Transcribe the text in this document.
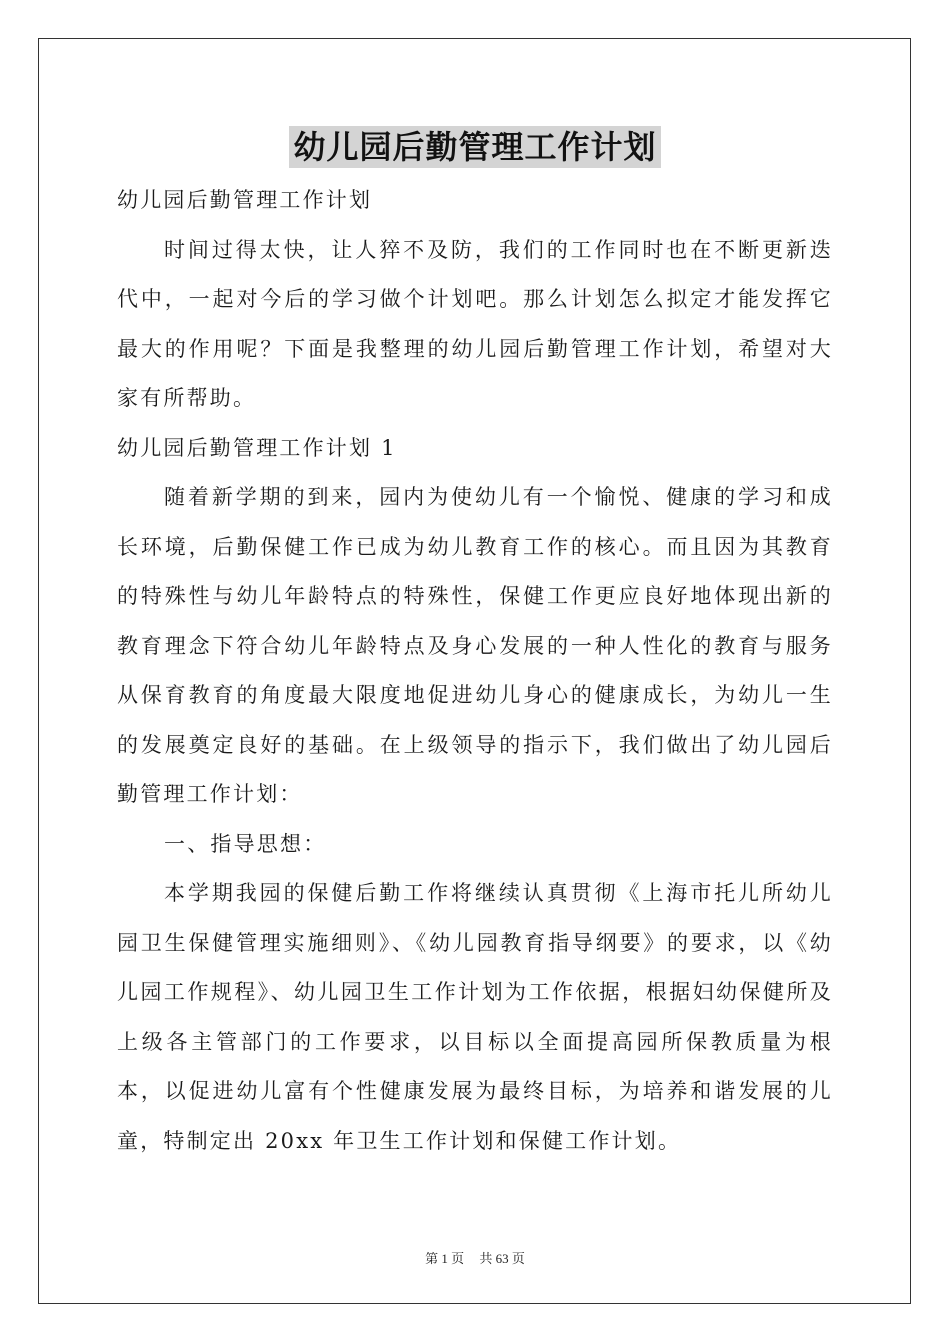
幼儿园后勤管理工作计划

幼儿园后勤管理工作计划

时间过得太快，让人猝不及防，我们的工作同时也在不断更新迭代中，一起对今后的学习做个计划吧。那么计划怎么拟定才能发挥它最大的作用呢？下面是我整理的幼儿园后勤管理工作计划，希望对大家有所帮助。

幼儿园后勤管理工作计划 1

随着新学期的到来，园内为使幼儿有一个愉悦、健康的学习和成长环境，后勤保健工作已成为幼儿教育工作的核心。而且因为其教育的特殊性与幼儿年龄特点的特殊性，保健工作更应良好地体现出新的教育理念下符合幼儿年龄特点及身心发展的一种人性化的教育与服务从保育教育的角度最大限度地促进幼儿身心的健康成长，为幼儿一生的发展奠定良好的基础。在上级领导的指示下，我们做出了幼儿园后勤管理工作计划：

一、指导思想：

本学期我园的保健后勤工作将继续认真贯彻《上海市托儿所幼儿园卫生保健管理实施细则》、《幼儿园教育指导纲要》的要求，以《幼儿园工作规程》、幼儿园卫生工作计划为工作依据，根据妇幼保健所及上级各主管部门的工作要求，以目标以全面提高园所保教质量为根本，以促进幼儿富有个性健康发展为最终目标，为培养和谐发展的儿童，特制定出 20xx 年卫生工作计划和保健工作计划。

第 1 页 共 63 页
